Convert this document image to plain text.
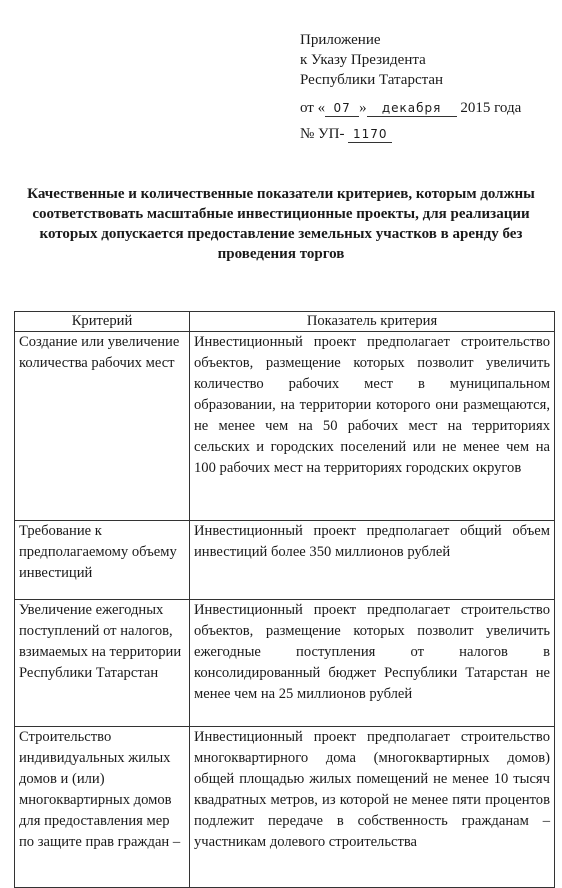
Приложение
к Указу Президента
Республики Татарстан
от « 07 » декабря 2015 года
№ УП- 1170
Качественные и количественные показатели критериев, которым должны соответствовать масштабные инвестиционные проекты, для реализации которых допускается предоставление земельных участков в аренду без проведения торгов
Критерий	Показатель критерия
Создание или увеличение количества рабочих мест	Инвестиционный проект предполагает строительство объектов, размещение которых позволит увеличить количество рабочих мест в муниципальном образовании, на территории которого они размещаются, не менее чем на 50 рабочих мест на территориях сельских и городских поселений или не менее чем на 100 рабочих мест на территориях городских округов
Требование к предполагаемому объему инвестиций	Инвестиционный проект предполагает общий объем инвестиций более 350 миллионов рублей
Увеличение ежегодных поступлений от налогов, взимаемых на территории Республики Татарстан	Инвестиционный проект предполагает строительство объектов, размещение которых позволит увеличить ежегодные поступления от налогов в консолидированный бюджет Республики Татарстан не менее чем на 25 миллионов рублей
Строительство индивидуальных жилых домов и (или) многоквартирных домов для предоставления мер по защите прав граждан –	Инвестиционный проект предполагает строительство многоквартирного дома (многоквартирных домов) общей площадью жилых помещений не менее 10 тысяч квадратных метров, из которой не менее пяти процентов подлежит передаче в собственность гражданам – участникам долевого строительства
